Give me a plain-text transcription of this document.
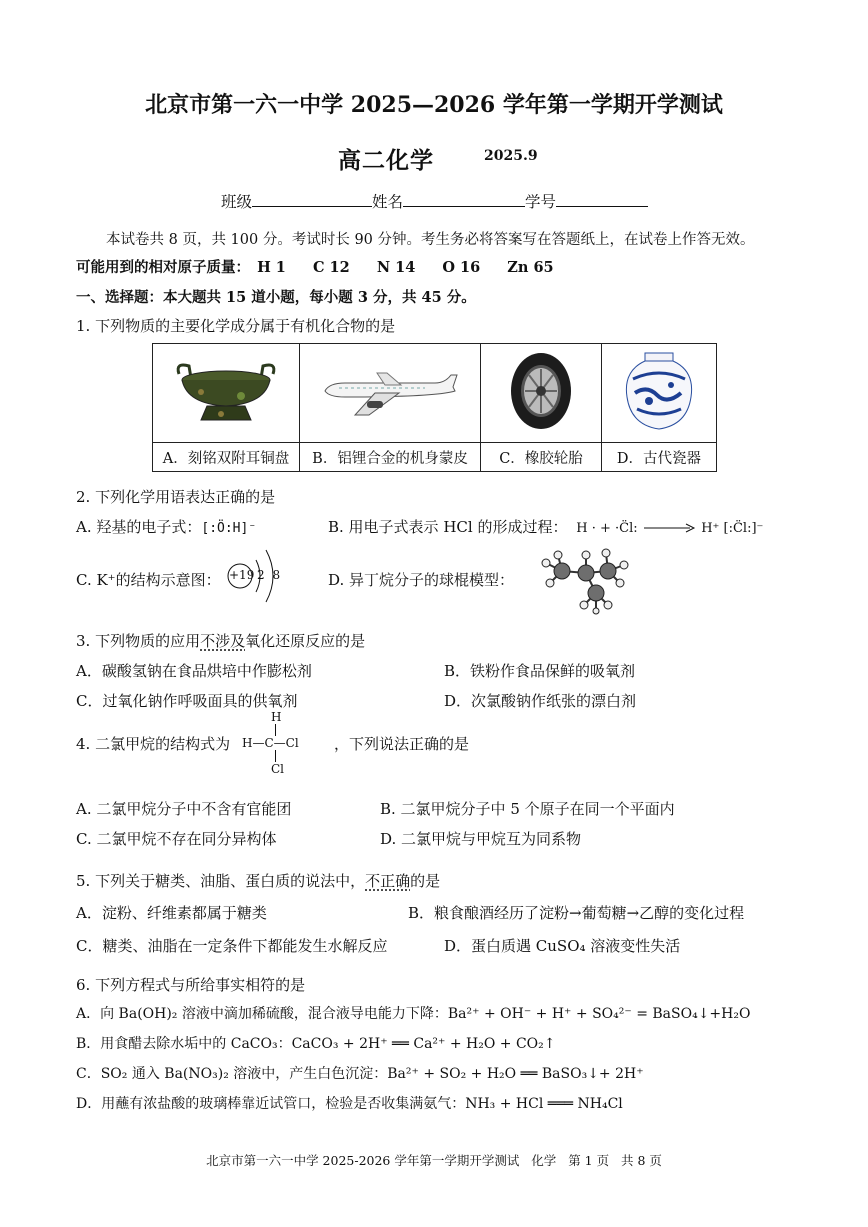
北京市第一六一中学 2025—2026 学年第一学期开学测试
高二化学	2025.9
班级	姓名	学号
本试卷共 8 页，共 100 分。考试时长 90 分钟。考生务必将答案写在答题纸上，在试卷上作答无效。
可能用到的相对原子质量： H 1 C 12 N 14 O 16 Zn 65
一、选择题：本大题共 15 道小题，每小题 3 分，共 45 分。
1. 下列物质的主要化学成分属于有机化合物的是

A．刻铭双附耳铜盘	B．铝锂合金的机身蒙皮	C．橡胶轮胎	D．古代瓷器
2. 下列化学用语表达正确的是
A. 羟基的电子式：[:Ö:H]⁻	B. 用电子式表示 HCl 的形成过程： H · + ·C̈l: → H⁺ [:C̈l:]⁻
C. K⁺的结构示意图： +19 2 8	D. 异丁烷分子的球棍模型：
3. 下列物质的应用不涉及氧化还原反应的是
A．碳酸氢钠在食品烘培中作膨松剂	B．铁粉作食品保鲜的吸氧剂
C．过氧化钠作呼吸面具的供氧剂	D．次氯酸钠作纸张的漂白剂
4. 二氯甲烷的结构式为
H
H—C—Cl
Cl
，下列说法正确的是
A. 二氯甲烷分子中不含有官能团	B. 二氯甲烷分子中 5 个原子在同一个平面内
C. 二氯甲烷不存在同分异构体	D. 二氯甲烷与甲烷互为同系物
5. 下列关于糖类、油脂、蛋白质的说法中，不正确的是
A．淀粉、纤维素都属于糖类	B．粮食酿酒经历了淀粉→葡萄糖→乙醇的变化过程
C．糖类、油脂在一定条件下都能发生水解反应	D．蛋白质遇 CuSO₄ 溶液变性失活
6. 下列方程式与所给事实相符的是
A．向 Ba(OH)₂ 溶液中滴加稀硫酸，混合液导电能力下降：Ba²⁺ + OH⁻ + H⁺ + SO₄²⁻ = BaSO₄↓+H₂O
B．用食醋去除水垢中的 CaCO₃：CaCO₃ + 2H⁺ ══ Ca²⁺ + H₂O + CO₂↑
C．SO₂ 通入 Ba(NO₃)₂ 溶液中，产生白色沉淀：Ba²⁺ + SO₂ + H₂O ══ BaSO₃↓+ 2H⁺
D．用蘸有浓盐酸的玻璃棒靠近试管口，检验是否收集满氨气：NH₃ + HCl ═══ NH₄Cl
北京市第一六一中学 2025-2026 学年第一学期开学测试   化学   第 1 页   共 8 页
